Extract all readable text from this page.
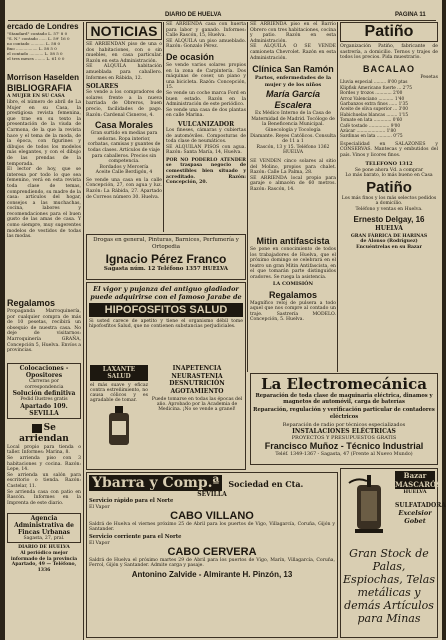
DIARIO DE HUELVA	PAGINA 11
ercado de Londres
"Standard" contado L. 57' 8 0
"S. N." contado ...... L. 59' 16 0
no contado ........... L. 58 0
fino ................. L. 58 5 0
el contado ........... L. 58 5 0
el tres meses ........ L. 61 0 0
Morrison Haselden
BIBLIOGRAFIA
A MUJER EN SU CASA
libre, el número de abril de La Mujer en su Casa, la prestigiosa revista femenina, que trae en su texto la presentación de la viuda de Carmona, de la que la revista hace y el tema de la moda, de la época, con figurines y dibujos de todos los modelos más elegantes, y con el dibujo de las prendas de la temporada.
El lector de hoy, que se interesa por todo lo que sea femenino, verá en esta revista toda clase de temas, comprendiendo, su madre de la casa: artículos del hogar, consejos a las muchachas, cocina, labores y recomendaciones para el buen gusto de las amas de casa. Y como siempre, muy sugerentes modelos de vestidos de todas las modas.
Regalamos
Propaganda Marroquinería, por cualquier compra de más de 10 pesetas, recibirá un obsequio de nuestra casa. No deje de visitarnos: Marroquinería GRAÑA, Concepción 5, Huelva. Envíos a provincias.
Colocaciones - Opositores
Carreras por correspondencia
Solución definitiva
Pedid Ilustres gratis
Apartado 109. SEVILLA
Se arriendan
Local propio para tienda o taller. Informes: Marina, 8.
Se arrienda piso con 3 habitaciones y cocina. Razón: Lepe, 14.
Se arrienda un salón para escritorio o tienda. Razón: Castelar, 11.
Se arrienda casa con patio en Rascón. Informes en la Imprenta de este diario.
Agencia Administrativa de Fincas Urbanas
Sagasta, 27, pral.
DIARIO DE HUELVA
Al periódico mejor informado de la provincia
Apartado, 49 — Teléfono, 1336
NOTICIAS
SE ARRIENDAN piso de una o dos habitaciones, con o sin muebles, en casa particular. Razón en esta Administración.
SE ALQUILA habitación amueblada para caballero. Informes en Rábida, 12.
SOLARES
Se vende a los compradores de solares frente a la nueva barriada de Obreros, buen precio, facilidades de pago. Razón: Cardenal Cisneros, 4.
Casa Morales
Gran surtido en medias para señoras. Ropa interior, corbatas, camisas y guantes de todas clases. Artículos de viaje para caballeros. Precios sin competencia.
Bordados y Mercería
Aceite Calle Berdigón, 4
Se vende una casa en la calle Concepción, 27, con agua y luz. Razón: La Rábida, 27. Apartado de Correos número 30. Huelva.
SE ARRIENDA casa con huerta para labor y ganado. Informes: Calle Rascón, 15, Huelva.
SE ALQUILA un piso amueblado. Razón: Gonzalo Pérez.
De ocasión
Se vende varios solares propios en la zona de Carpintería. Dos máquinas de coser, un piano y una bicicleta. Razón: Concepción, 15.
Se vende un coche marca Ford en buen estado. Razón en la Administración de este periódico.
Se vende una casa de dos plantas en calle Marina.
VULCANIZADOR
Los fineses, cámaras y cubiertas de automóviles. Composturas de toda clase de neumáticos.
SE ALQUILAN PISOS con agua. Razón: Santa María, 14, Huelva.
POR NO PODERLO ATENDER se traspasa negocio de comestibles bien situado y acreditado. Razón: Concepción, 20.
SE ARRIENDA piso en el Barrio Obrero con tres habitaciones, cocina y patio. Razón en esta Administración.
SE ALQUILA O SE VENDE camioneta Chevrolet. Razón en esta Administración.
Clínica San Ramón
Partos, enfermedades de la mujer y de los niños
María García Escalera
Ex Médico Interno de la Casa de Maternidad de Madrid. Tocólogo de la Beneficencia Municipal.
Ginecología y Tocología
Diamante. Reyes Católicos. Consulta de 11 a 1
Rascón, 13 y 15. Teléfono 1362
HUELVA
SE VENDEN cinco solares al sitio del Molino, propios para chalet. Razón: Calle La Palma, 28.
SE ARRIENDA local propio para garaje o almacén de 60 metros. Razón: Rascón, 14.
Patiño
Organización Patiño, fabricante de sastrería, a domicilio. Ternos y trajes de todos los precios. Pida muestrario.
BACALAO
Pesetas
Lluvia especial ......... 8'00 ptas
Klipfisk Americano fuerte ... 2'75
Bordes y trozos ............ 2'00
Arroz Valenciano ........... 1'40
Garbanzos extra finos ...... 1'35
Aceite de oliva superior ... 3'00
Habichuelas blancas ........ 1'15
Tomate en lata ............. 0'60
Café tostado ............... 9'00
Azúcar ..................... 1'80
Sardinas en lata ........... 0'75
Especialidad en SALAZONES y CONSERVAS. Mantecas y embutidos del país. Vinos y licores finos.
TELEFONO 1312
Se pone ahora Vd. a comprar
Lo más barato, lo más bueno en Casa
Patiño
Los más finos y los más selectos pedidos a domicilio.
Teléfono y ventas en Huelva.
Ernesto Delgay, 16
HUELVA
GRAN FÁBRICA DE HARINAS
de Alonso (Rodríguez)
Encuéntrelas en su Bazar
Drogas en general, Pinturas, Barnices, Perfumería y Ortopedia
Ignacio Pérez Franco
Sagasta núm. 12 Teléfono 1357 HUELVA
El vigor y pujanza del antiguo gladiador puede adquirirse con el famoso Jarabe de
HIPOFOSFITOS SALUD
Si usted carece de apetito y tiene el organismo débil tome hipofosfitos Salud, que no contienen substancias perjudiciales.
LAXANTE SALUD
el más suave y eficaz contra estreñimiento, no causa cólicos y es agradable de tomar.
INAPETENCIA NEURASTENIA DESNUTRICIÓN AGOTAMIENTO
Puede tomarse en todas las épocas del año. Aprobado por la Academia de Medicina. ¡No se vende a granel!
Mitin antifascista
Se pone en conocimiento de todos los trabajadores de Huelva, que el próximo domingo se celebrará en el teatro un gran Mitin Antifascista, en el que tomarán parte distinguidos oradores. Se ruega la asistencia.
LA COMISIÓN
Regalamos
Magnífico reloj de pulsera a todo aquel que nos compre al contado un traje. Sastrería MODELO. Concepción, 5. Huelva.
La Electromecánica
Reparación de toda clase de maquinaria eléctrica, dinamos y magnetos de automóvil, carga de baterías
Reparación, regulación y verificación particular de contadores eléctricos
Reparación de radio por técnicos especializados
INSTALACIONES ELÉCTRICAS
PROYECTOS Y PRESUPUESTOS GRATIS
Francisco Muñoz - Técnico Industrial
Teléf. 1349-1367 - Sagasta, 47 (Frente al Nuevo Mundo)
Ybarra y Comp.ª	Sociedad en Cta.
SEVILLA
Servicio rápido para el Norte
El Vapor
CABO VILLANO
Saldrá de Huelva el viernes próximo 25 de Abril para los puertos de Vigo, Villagarcía, Coruña, Gijón y Santander.
Servicio corriente para el Norte
El Vapor
CABO CERVERA
Saldrá de Huelva el próximo martes 29 de Abril para los puertos de Vigo, Marín, Villagarcía, Coruña, Ferrol, Gijón y Santander. Admite carga y pasaje.
Antonino Zalvide - Almirante H. Pinzón, 13
Bazar MASCARÓS
HUELVA
SULFATADORA
Excelsior Gobet
Gran Stock de Palas, Espiochas, Telas metálicas y demás Artículos para Minas
